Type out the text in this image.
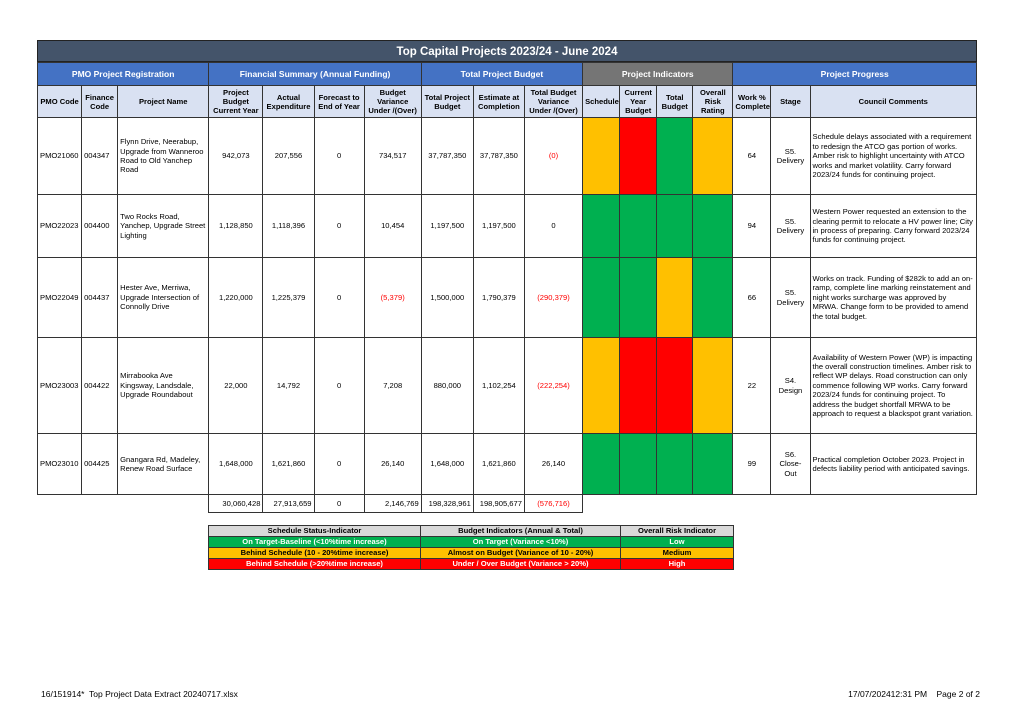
Top Capital Projects 2023/24 - June 2024
PMO Project Registration			Financial Summary (Annual Funding)				Total Project Budget			Project Indicators				Project Progress		
PMO Code	Finance Code	Project Name	Project Budget Current Year	Actual Expenditure	Forecast to End of Year	Budget Variance Under /(Over)	Total Project Budget	Estimate at Completion	Total Budget Variance Under /(Over)	Schedule	Current Year Budget	Total Budget	Overall Risk Rating	Work % Complete	Stage	Council Comments
PMO21060	004347	Flynn Drive, Neerabup, Upgrade from Wanneroo Road to Old Yanchep Road	942,073	207,556	0	734,517	37,787,350	37,787,350	(0)					64	S5. Delivery	Schedule delays associated with a requirement to redesign the ATCO gas portion of works. Amber risk to highlight uncertainty with ATCO works and market volatility. Carry forward 2023/24 funds for continuing project.
PMO22023	004400	Two Rocks Road, Yanchep, Upgrade Street Lighting	1,128,850	1,118,396	0	10,454	1,197,500	1,197,500	0					94	S5. Delivery	Western Power requested an extension to the clearing permit to relocate a HV power line; City in process of preparing. Carry forward 2023/24 funds for continuing project.
PMO22049	004437	Hester Ave, Merriwa, Upgrade Intersection of Connolly Drive	1,220,000	1,225,379	0	(5,379)	1,500,000	1,790,379	(290,379)					66	S5. Delivery	Works on track. Funding of $282k to add an on-ramp, complete line marking reinstatement and night works surcharge was approved by MRWA. Change form to be provided to amend the total budget.
PMO23003	004422	Mirrabooka Ave Kingsway, Landsdale, Upgrade Roundabout	22,000	14,792	0	7,208	880,000	1,102,254	(222,254)					22	S4. Design	Availability of Western Power (WP) is impacting the overall construction timelines. Amber risk to reflect WP delays. Road construction can only commence following WP works. Carry forward 2023/24 funds for continuing project. To address the budget shortfall MRWA to be approach to request a blackspot grant variation.
PMO23010	004425	Gnangara Rd, Madeley, Renew Road Surface	1,648,000	1,621,860	0	26,140	1,648,000	1,621,860	26,140					99	S6. Close-Out	Practical completion October 2023. Project in defects liability period with anticipated savings.
			30,060,428	27,913,659	0	2,146,769	198,328,961	198,905,677	(576,716)							
Schedule Status-Indicator	Budget Indicators (Annual & Total)	Overall Risk Indicator
On Target-Baseline (<10%time increase)	On Target (Variance <10%)	Low
Behind Schedule (10 - 20%time increase)	Almost on Budget (Variance of 10 - 20%)	Medium
Behind Schedule (>20%time increase)	Under / Over Budget (Variance > 20%)	High
16/151914*  Top Project Data Extract 20240717.xlsx	17/07/202412:31 PM    Page 2 of 2
